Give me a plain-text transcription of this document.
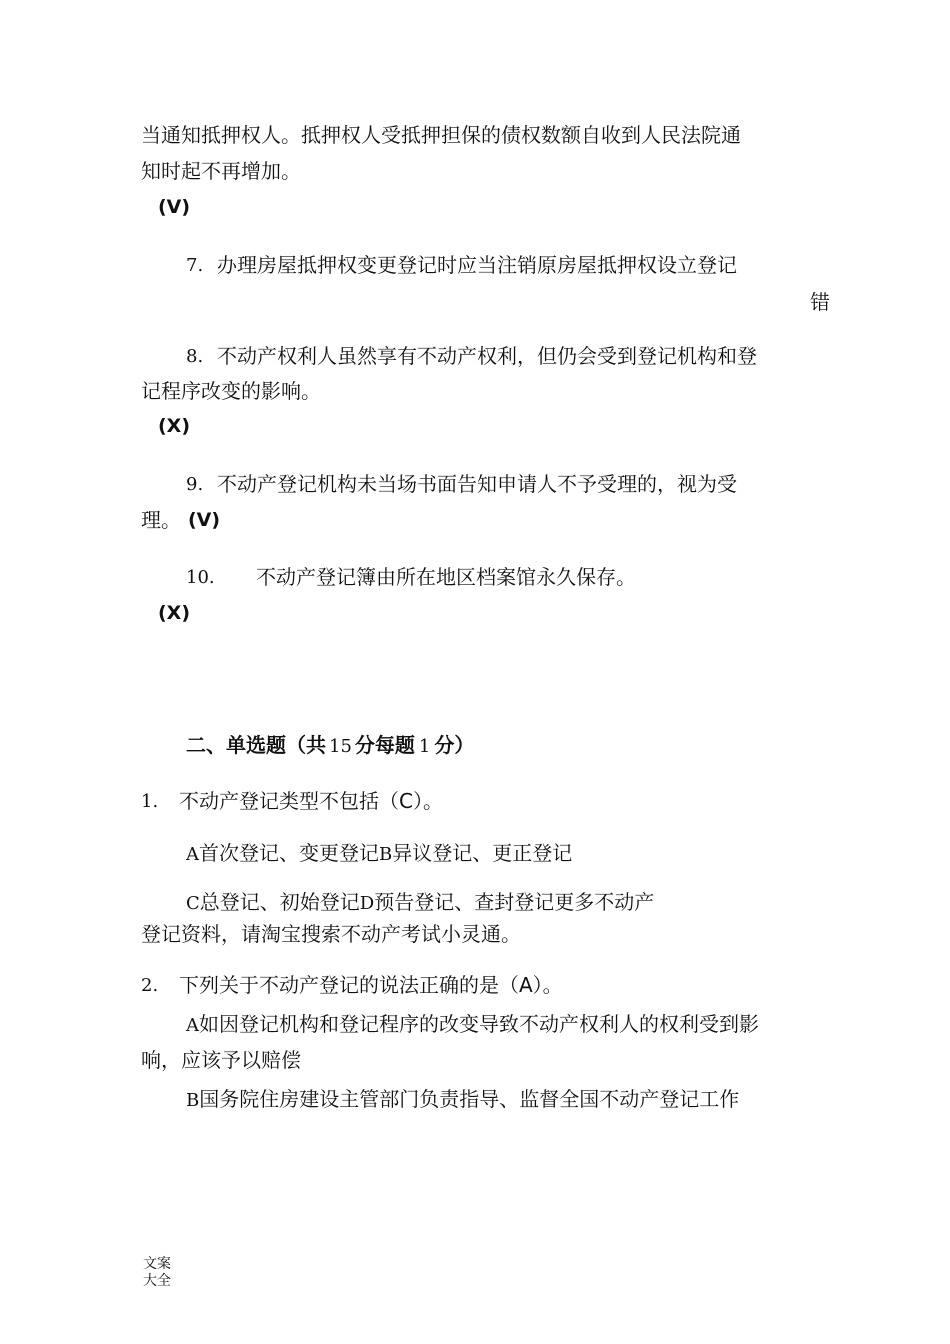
当通知抵押权人。抵押权人受抵押担保的债权数额自收到人民法院通
知时起不再增加。
(V)
7. 办理房屋抵押权变更登记时应当注销原房屋抵押权设立登记
错
8. 不动产权利人虽然享有不动产权利，但仍会受到登记机构和登
记程序改变的影响。
(X)
9. 不动产登记机构未当场书面告知申请人不予受理的，视为受
理。 (V)
10. 不动产登记簿由所在地区档案馆永久保存。
(X)
二、单选题（共 15 分每题 1 分）
1. 不动产登记类型不包括（C）。
A首次登记、变更登记B异议登记、更正登记
C总登记、初始登记D预告登记、查封登记更多不动产
登记资料，请淘宝搜索不动产考试小灵通。
2. 下列关于不动产登记的说法正确的是（A）。
A如因登记机构和登记程序的改变导致不动产权利人的权利受到影
响，应该予以赔偿
B国务院住房建设主管部门负责指导、监督全国不动产登记工作
文案
大全
